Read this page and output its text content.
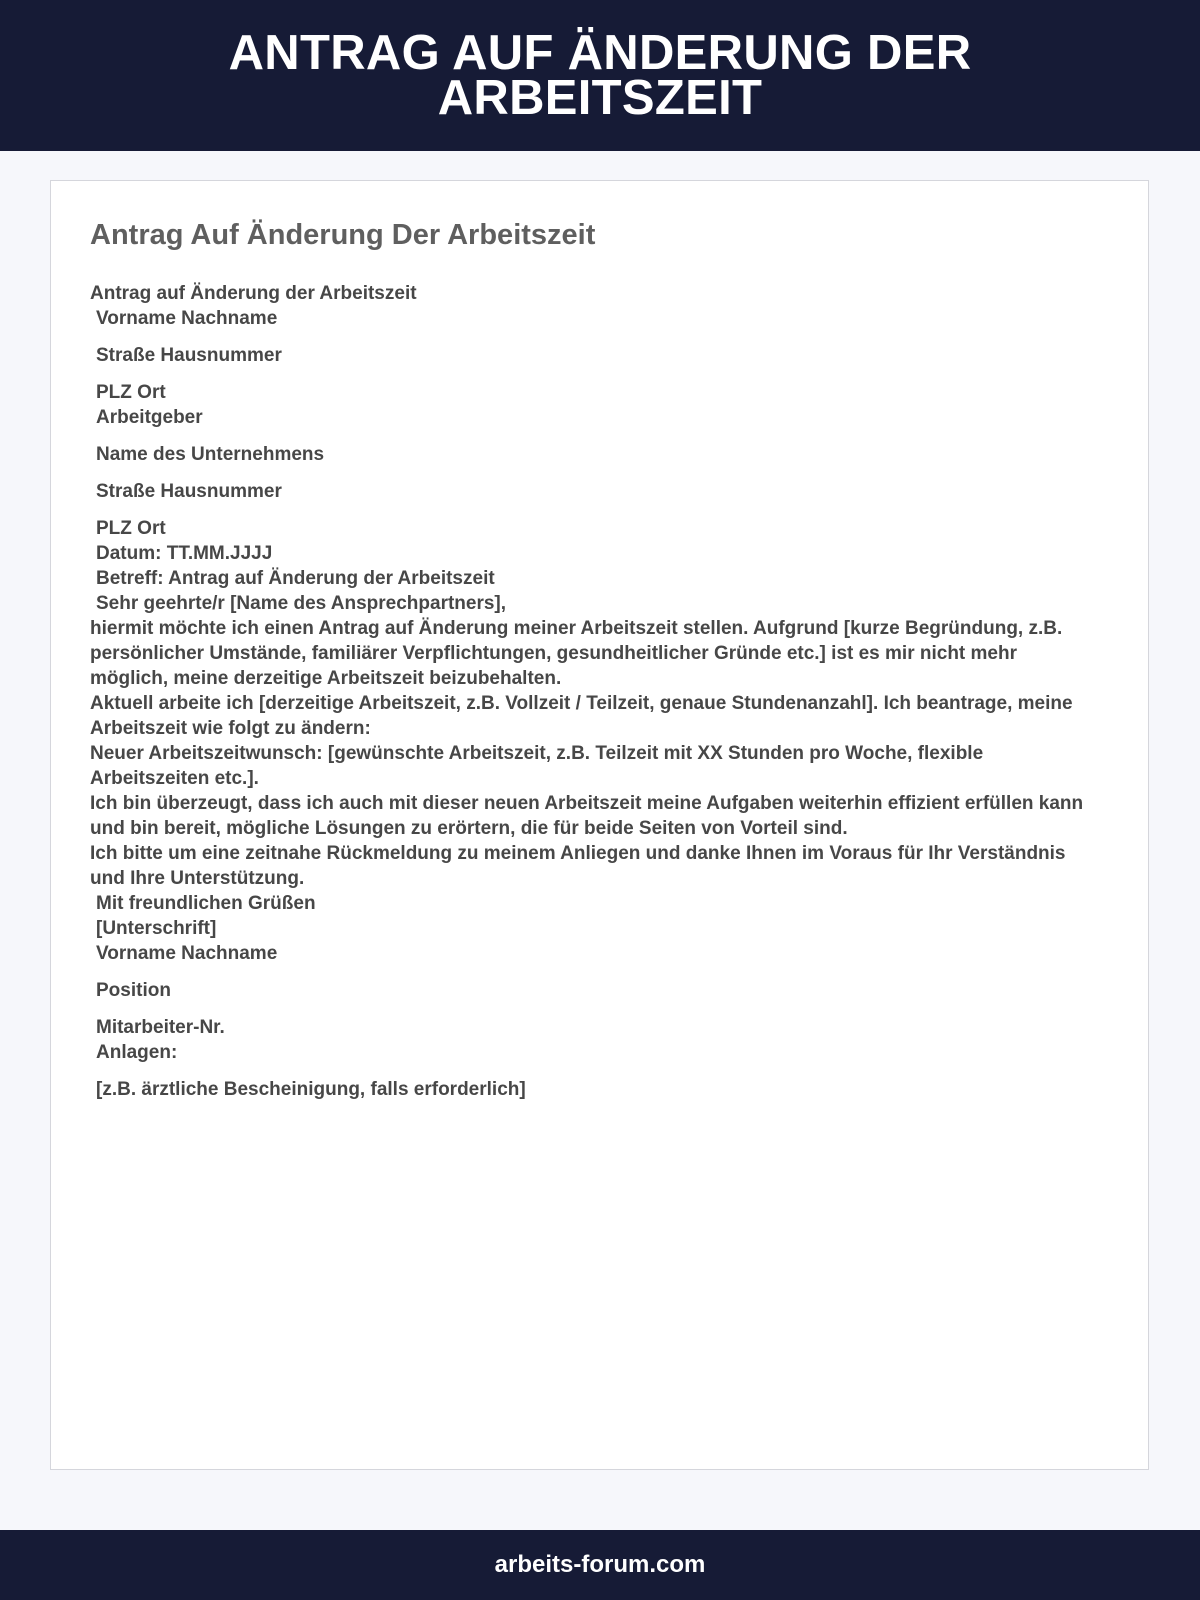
ANTRAG AUF ÄNDERUNG DER
ARBEITSZEIT
Antrag Auf Änderung Der Arbeitszeit
Antrag auf Änderung der Arbeitszeit
Vorname Nachname
Straße Hausnummer
PLZ Ort
Arbeitgeber
Name des Unternehmens
Straße Hausnummer
PLZ Ort
Datum: TT.MM.JJJJ
Betreff: Antrag auf Änderung der Arbeitszeit
Sehr geehrte/r [Name des Ansprechpartners],
hiermit möchte ich einen Antrag auf Änderung meiner Arbeitszeit stellen. Aufgrund [kurze Begründung, z.B. persönlicher Umstände, familiärer Verpflichtungen, gesundheitlicher Gründe etc.] ist es mir nicht mehr möglich, meine derzeitige Arbeitszeit beizubehalten.
Aktuell arbeite ich [derzeitige Arbeitszeit, z.B. Vollzeit / Teilzeit, genaue Stundenanzahl]. Ich beantrage, meine Arbeitszeit wie folgt zu ändern:
Neuer Arbeitszeitwunsch: [gewünschte Arbeitszeit, z.B. Teilzeit mit XX Stunden pro Woche, flexible Arbeitszeiten etc.].
Ich bin überzeugt, dass ich auch mit dieser neuen Arbeitszeit meine Aufgaben weiterhin effizient erfüllen kann und bin bereit, mögliche Lösungen zu erörtern, die für beide Seiten von Vorteil sind.
Ich bitte um eine zeitnahe Rückmeldung zu meinem Anliegen und danke Ihnen im Voraus für Ihr Verständnis und Ihre Unterstützung.
Mit freundlichen Grüßen
[Unterschrift]
Vorname Nachname
Position
Mitarbeiter-Nr.
Anlagen:
[z.B. ärztliche Bescheinigung, falls erforderlich]
arbeits-forum.com
